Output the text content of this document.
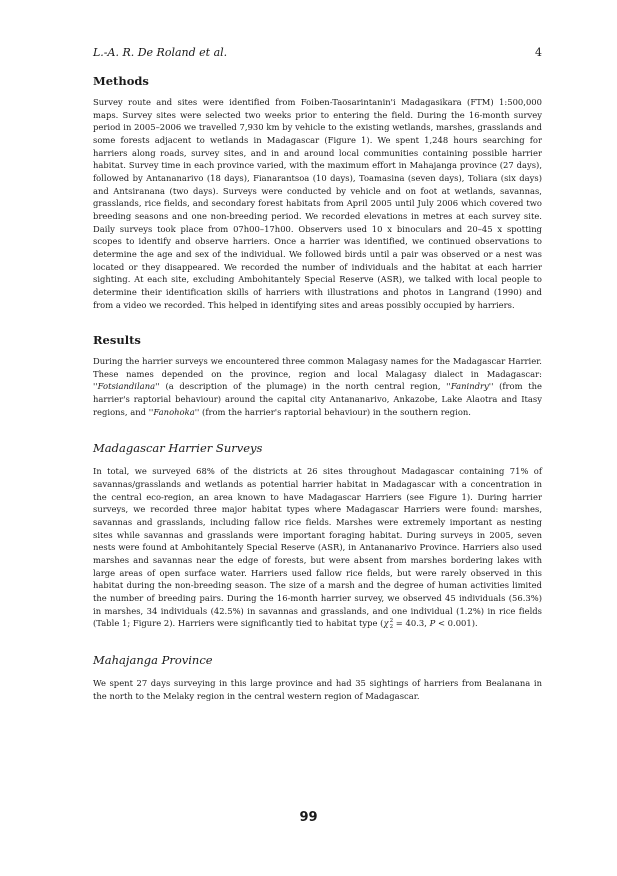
L.-A. R. De Roland et al.	4
Methods

Survey route and sites were identified from Foiben-Taosarintanin'i Madagasikara (FTM) 1:500,000 maps. Survey sites were selected two weeks prior to entering the field. During the 16-month survey period in 2005–2006 we travelled 7,930 km by vehicle to the existing wetlands, marshes, grasslands and some forests adjacent to wetlands in Madagascar (Figure 1). We spent 1,248 hours searching for harriers along roads, survey sites, and in and around local communities containing possible harrier habitat. Survey time in each province varied, with the maximum effort in Mahajanga province (27 days), followed by Antananarivo (18 days), Fianarantsoa (10 days), Toamasina (seven days), Toliara (six days) and Antsiranana (two days). Surveys were conducted by vehicle and on foot at wetlands, savannas, grasslands, rice fields, and secondary forest habitats from April 2005 until July 2006 which covered two breeding seasons and one non-breeding period. We recorded elevations in metres at each survey site. Daily surveys took place from 07h00–17h00. Observers used 10 x binoculars and 20–45 x spotting scopes to identify and observe harriers. Once a harrier was identified, we continued observations to determine the age and sex of the individual. We followed birds until a pair was observed or a nest was located or they disappeared. We recorded the number of individuals and the habitat at each harrier sighting. At each site, excluding Ambohitantely Special Reserve (ASR), we talked with local people to determine their identification skills of harriers with illustrations and photos in Langrand (1990) and from a video we recorded. This helped in identifying sites and areas possibly occupied by harriers.

Results

During the harrier surveys we encountered three common Malagasy names for the Madagascar Harrier. These names depended on the province, region and local Malagasy dialect in Madagascar: ''Fotsiandilana'' (a description of the plumage) in the north central region, ''Fanindry'' (from the harrier's raptorial behaviour) around the capital city Antananarivo, Ankazobe, Lake Alaotra and Itasy regions, and ''Fanohoka'' (from the harrier's raptorial behaviour) in the southern region.

Madagascar Harrier Surveys

In total, we surveyed 68% of the districts at 26 sites throughout Madagascar containing 71% of savannas/grasslands and wetlands as potential harrier habitat in Madagascar with a concentration in the central eco-region, an area known to have Madagascar Harriers (see Figure 1). During harrier surveys, we recorded three major habitat types where Madagascar Harriers were found: marshes, savannas and grasslands, including fallow rice fields. Marshes were extremely important as nesting sites while savannas and grasslands were important foraging habitat. During surveys in 2005, seven nests were found at Ambohitantely Special Reserve (ASR), in Antananarivo Province. Harriers also used marshes and savannas near the edge of forests, but were absent from marshes bordering lakes with large areas of open surface water. Harriers used fallow rice fields, but were rarely observed in this habitat during the non-breeding season. The size of a marsh and the degree of human activities limited the number of breeding pairs. During the 16-month harrier survey, we observed 45 individuals (56.3%) in marshes, 34 individuals (42.5%) in savannas and grasslands, and one individual (1.2%) in rice fields (Table 1; Figure 2). Harriers were significantly tied to habitat type (χ 2
2 = 40.3, P < 0.001).

Mahajanga Province

We spent 27 days surveying in this large province and had 35 sightings of harriers from Bealanana in the north to the Melaky region in the central western region of Madagascar.

99
